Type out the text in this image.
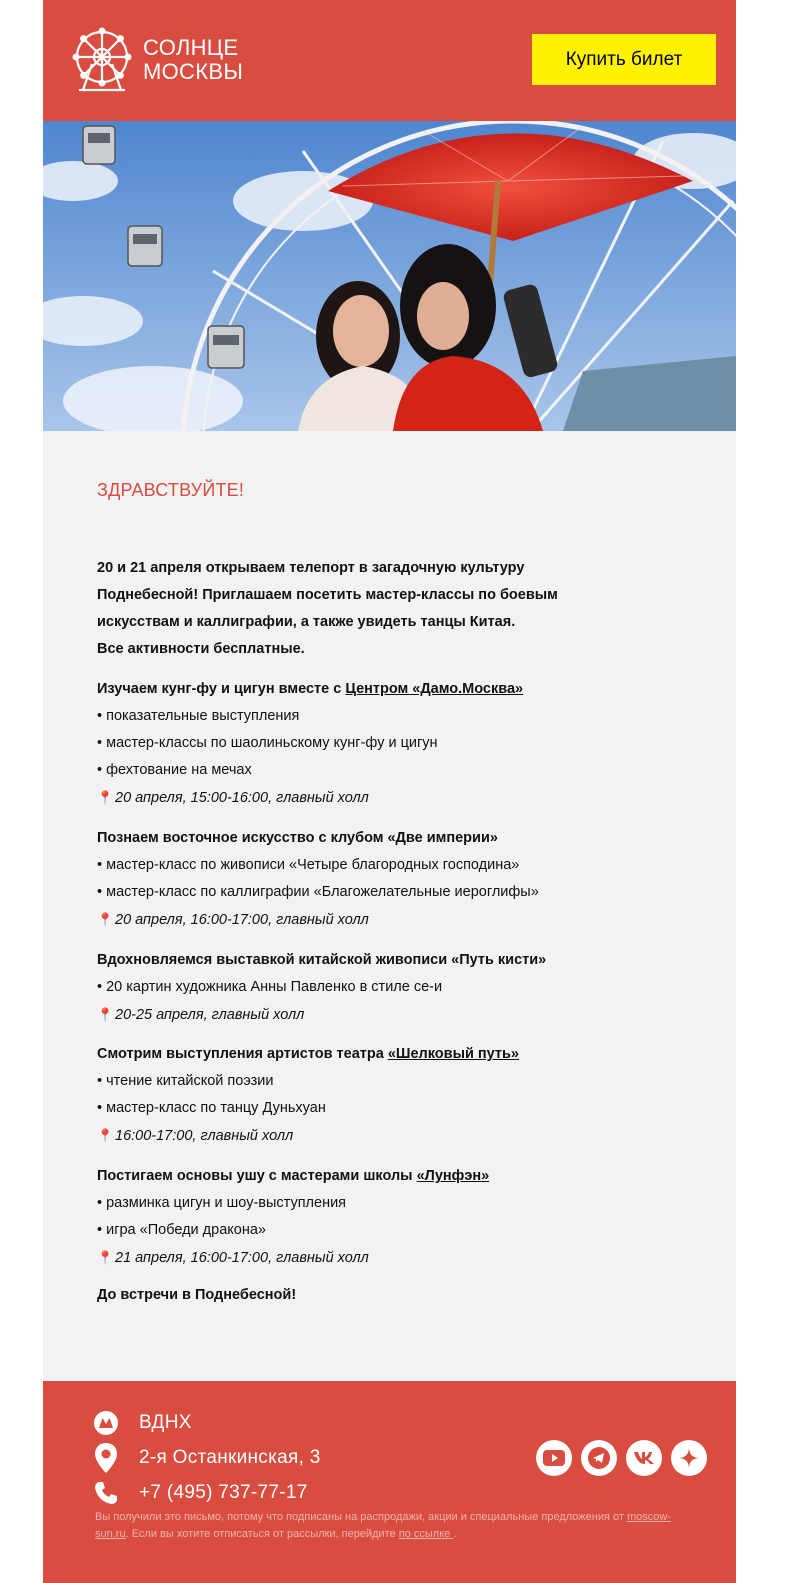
СОЛНЦЕ
МОСКВЫ	Купить билет
ЗДРАВСТВУЙТЕ!

20 и 21 апреля открываем телепорт в загадочную культуру Поднебесной! Приглашаем посетить мастер-классы по боевым искусствам и каллиграфии, а также увидеть танцы Китая.

Все активности бесплатные.

Изучаем кунг-фу и цигун вместе с Центром «Дамо.Москва»
• показательные выступления
• мастер-классы по шаолиньскому кунг-фу и цигун
• фехтование на мечах
📍 20 апреля, 15:00-16:00, главный холл
Познаем восточное искусство с клубом «Две империи»
• мастер-класс по живописи «Четыре благородных господина»
• мастер-класс по каллиграфии «Благожелательные иероглифы»
📍 20 апреля, 16:00-17:00, главный холл
Вдохновляемся выставкой китайской живописи «Путь кисти»
• 20 картин художника Анны Павленко в стиле се-и
📍 20-25 апреля, главный холл
Смотрим выступления артистов театра «Шелковый путь»
• чтение китайской поэзии
• мастер-класс по танцу Дуньхуан
📍 16:00-17:00, главный холл
Постигаем основы ушу с мастерами школы «Лунфэн»
• разминка цигун и шоу-выступления
• игра «Победи дракона»
📍 21 апреля, 16:00-17:00, главный холл
До встречи в Поднебесной!
ВДНХ
2-я Останкинская, 3
+7 (495) 737-77-17
Вы получили это письмо, потому что подписаны на распродажи, акции и специальные предложения от moscow-sun.ru. Если вы хотите отписаться от рассылки, перейдите по ссылке .
